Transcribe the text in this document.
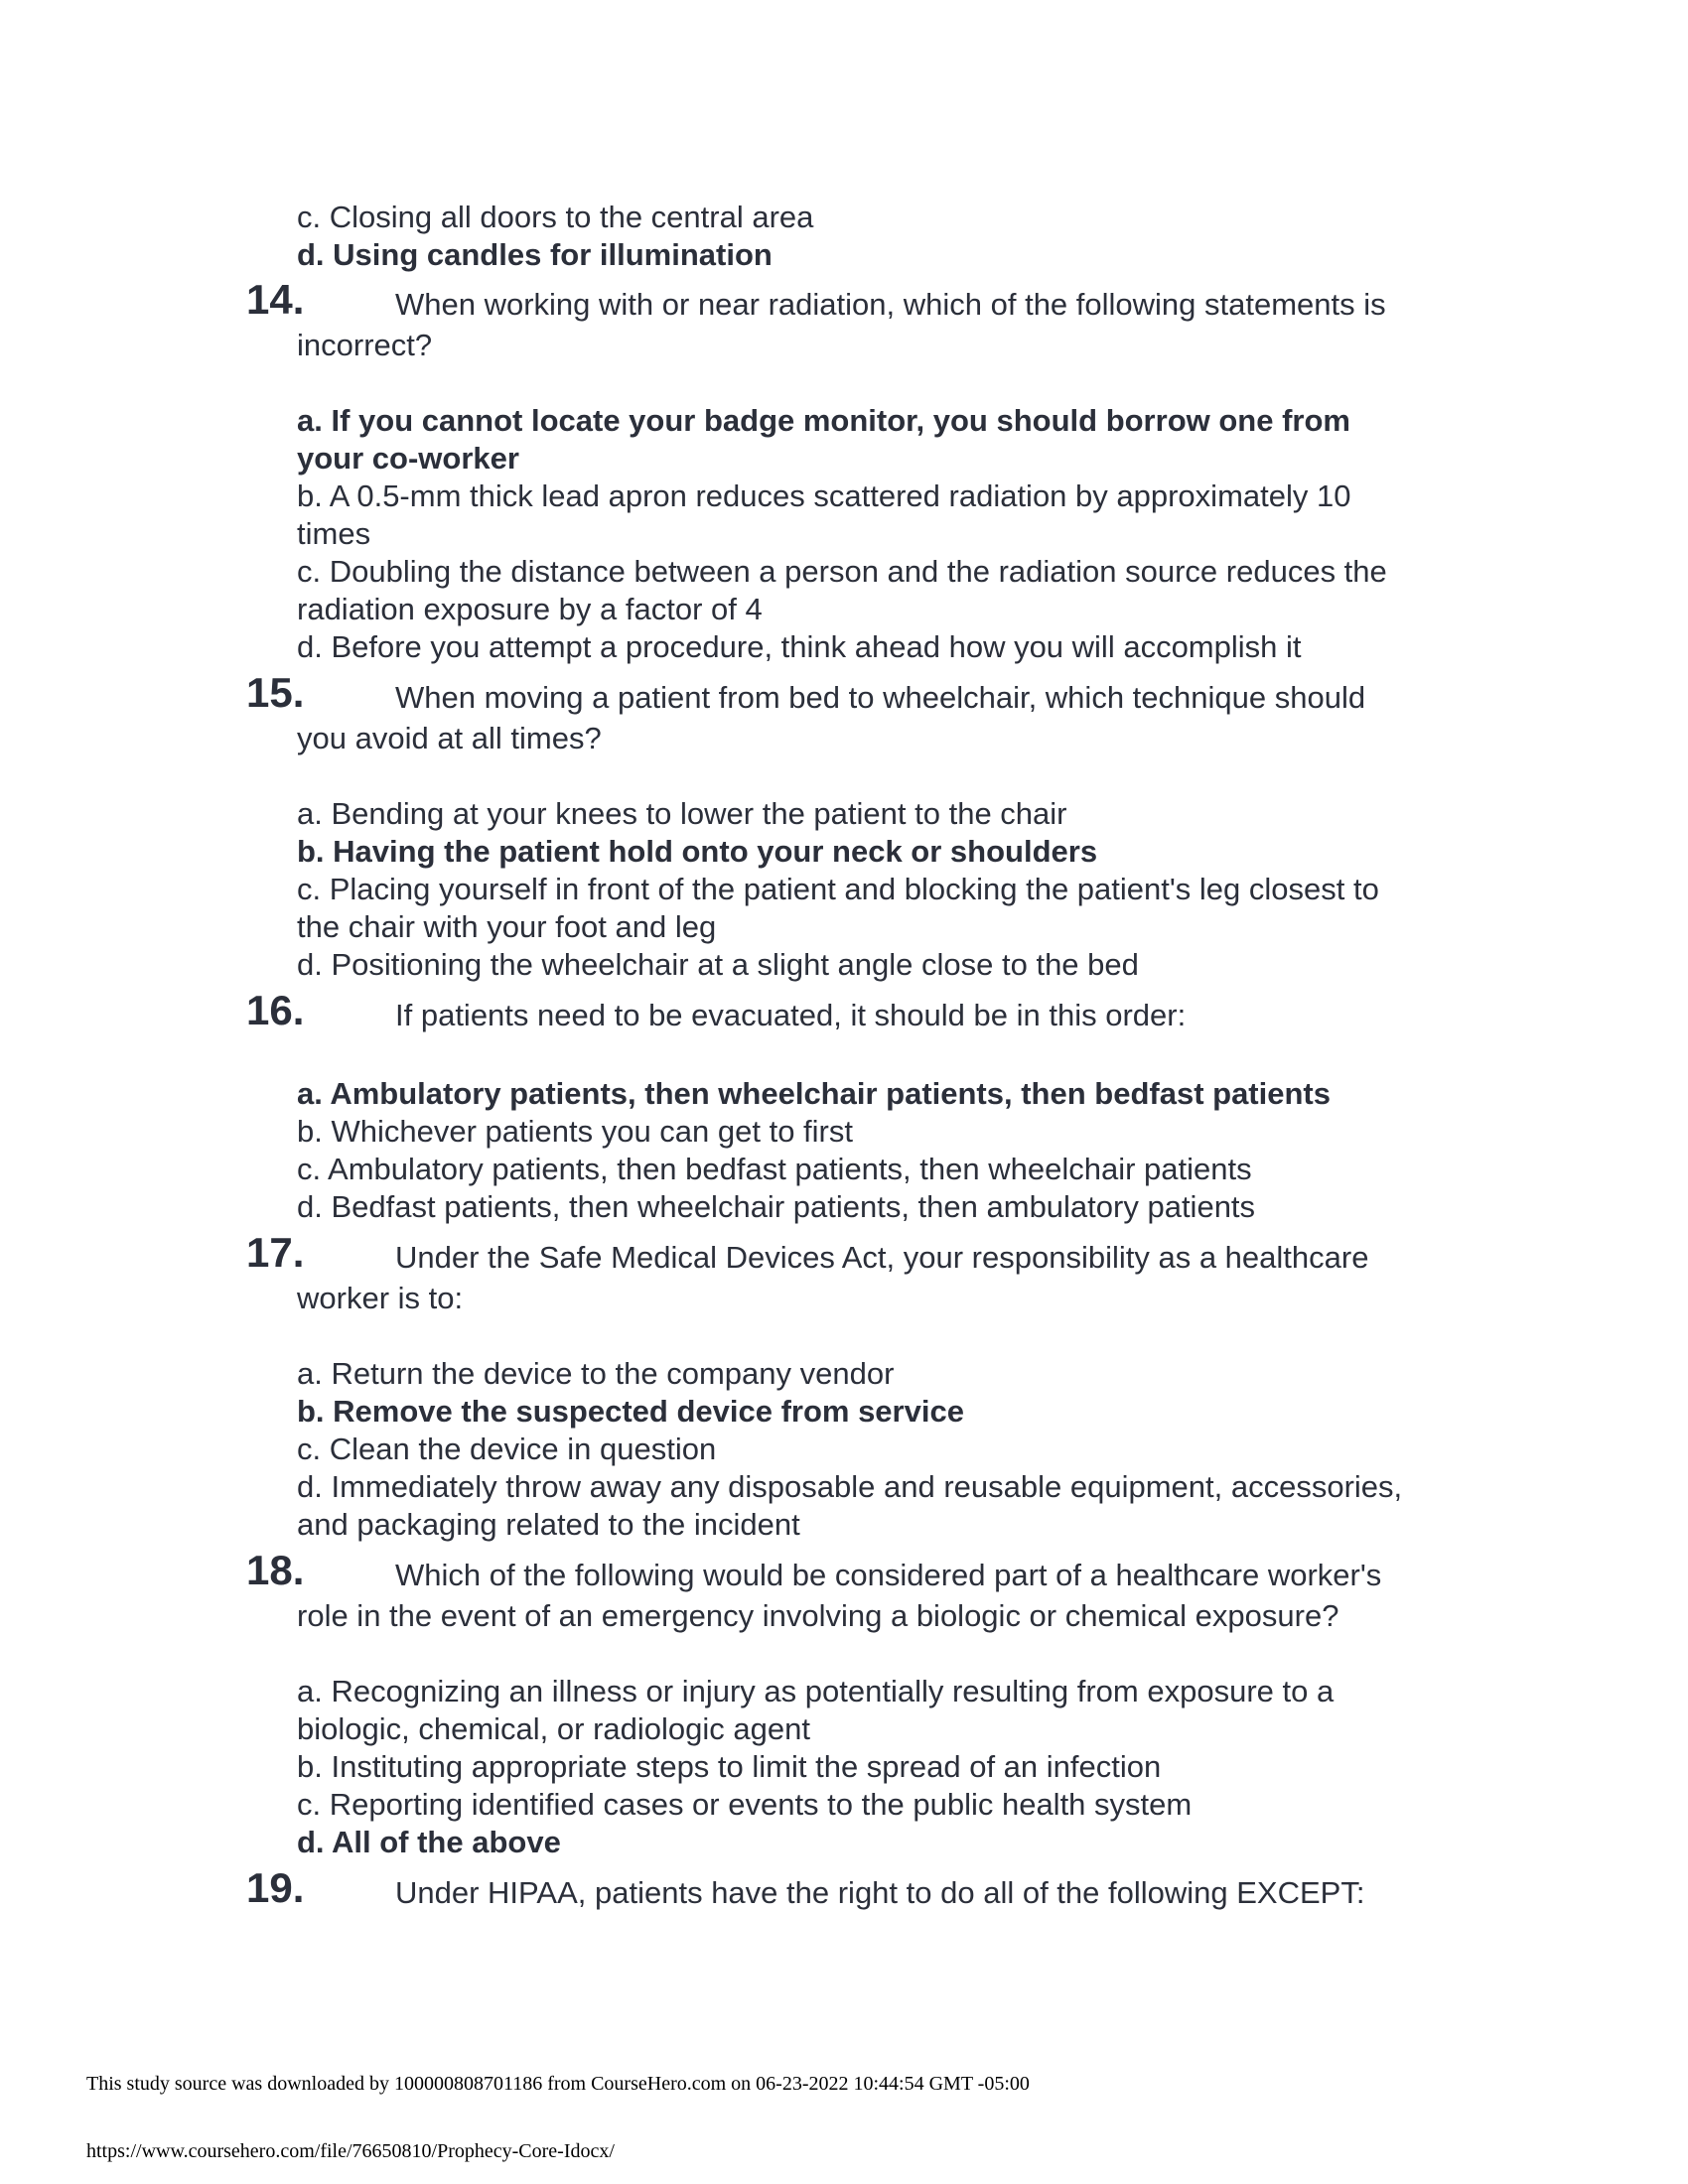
c. Closing all doors to the central area
d. Using candles for illumination
14.	When working with or near radiation, which of the following statements is
incorrect?
a. If you cannot locate your badge monitor, you should borrow one from
your co-worker
b. A 0.5-mm thick lead apron reduces scattered radiation by approximately 10
times
c. Doubling the distance between a person and the radiation source reduces the
radiation exposure by a factor of 4
d. Before you attempt a procedure, think ahead how you will accomplish it
15.	When moving a patient from bed to wheelchair, which technique should
you avoid at all times?
a. Bending at your knees to lower the patient to the chair
b. Having the patient hold onto your neck or shoulders
c. Placing yourself in front of the patient and blocking the patient's leg closest to
the chair with your foot and leg
d. Positioning the wheelchair at a slight angle close to the bed
16.	If patients need to be evacuated, it should be in this order:
a. Ambulatory patients, then wheelchair patients, then bedfast patients
b. Whichever patients you can get to first
c. Ambulatory patients, then bedfast patients, then wheelchair patients
d. Bedfast patients, then wheelchair patients, then ambulatory patients
17.	Under the Safe Medical Devices Act, your responsibility as a healthcare
worker is to:
a. Return the device to the company vendor
b. Remove the suspected device from service
c. Clean the device in question
d. Immediately throw away any disposable and reusable equipment, accessories,
and packaging related to the incident
18.	Which of the following would be considered part of a healthcare worker's
role in the event of an emergency involving a biologic or chemical exposure?
a. Recognizing an illness or injury as potentially resulting from exposure to a
biologic, chemical, or radiologic agent
b. Instituting appropriate steps to limit the spread of an infection
c. Reporting identified cases or events to the public health system
d. All of the above
19.	Under HIPAA, patients have the right to do all of the following EXCEPT:
This study source was downloaded by 100000808701186 from CourseHero.com on 06-23-2022 10:44:54 GMT -05:00
https://www.coursehero.com/file/76650810/Prophecy-Core-Idocx/
